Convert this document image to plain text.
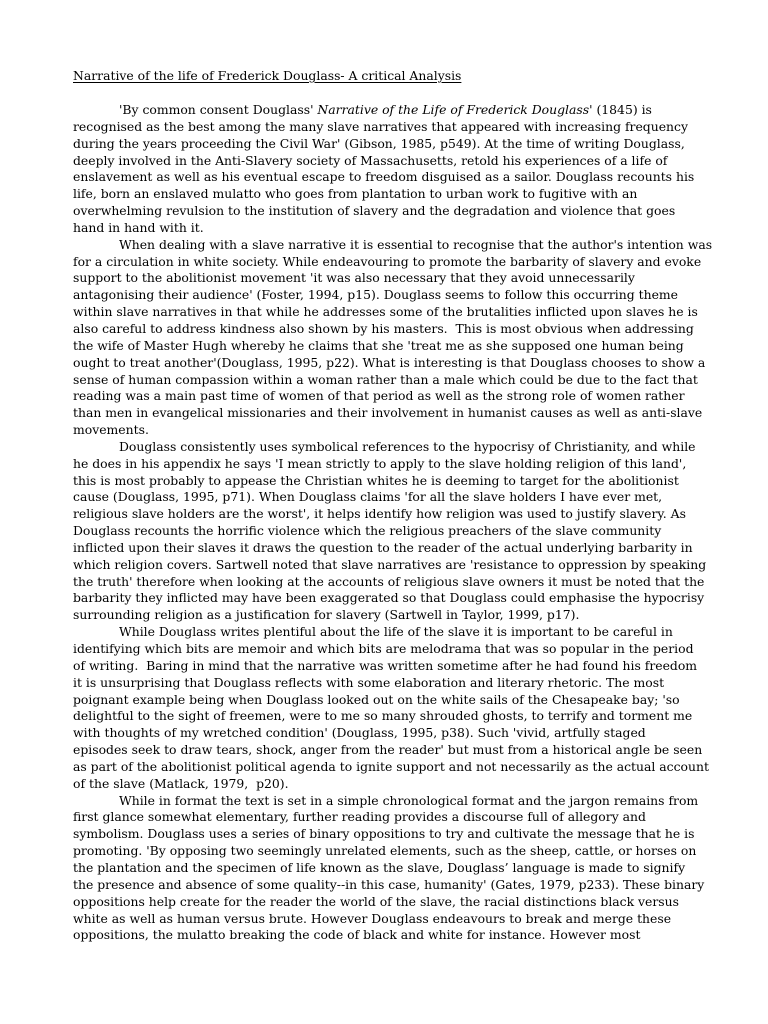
Narrative of the life of Frederick Douglass- A critical Analysis
'By common consent Douglass' Narrative of the Life of Frederick Douglass' (1845) is
recognised as the best among the many slave narratives that appeared with increasing frequency
during the years proceeding the Civil War' (Gibson, 1985, p549). At the time of writing Douglass,
deeply involved in the Anti-Slavery society of Massachusetts, retold his experiences of a life of
enslavement as well as his eventual escape to freedom disguised as a sailor. Douglass recounts his
life, born an enslaved mulatto who goes from plantation to urban work to fugitive with an
overwhelming revulsion to the institution of slavery and the degradation and violence that goes
hand in hand with it.
When dealing with a slave narrative it is essential to recognise that the author's intention was
for a circulation in white society. While endeavouring to promote the barbarity of slavery and evoke
support to the abolitionist movement 'it was also necessary that they avoid unnecessarily
antagonising their audience' (Foster, 1994, p15). Douglass seems to follow this occurring theme
within slave narratives in that while he addresses some of the brutalities inflicted upon slaves he is
also careful to address kindness also shown by his masters.  This is most obvious when addressing
the wife of Master Hugh whereby he claims that she 'treat me as she supposed one human being
ought to treat another'(Douglass, 1995, p22). What is interesting is that Douglass chooses to show a
sense of human compassion within a woman rather than a male which could be due to the fact that
reading was a main past time of women of that period as well as the strong role of women rather
than men in evangelical missionaries and their involvement in humanist causes as well as anti-slave
movements.
Douglass consistently uses symbolical references to the hypocrisy of Christianity, and while
he does in his appendix he says 'I mean strictly to apply to the slave holding religion of this land',
this is most probably to appease the Christian whites he is deeming to target for the abolitionist
cause (Douglass, 1995, p71). When Douglass claims 'for all the slave holders I have ever met,
religious slave holders are the worst', it helps identify how religion was used to justify slavery. As
Douglass recounts the horrific violence which the religious preachers of the slave community
inflicted upon their slaves it draws the question to the reader of the actual underlying barbarity in
which religion covers. Sartwell noted that slave narratives are 'resistance to oppression by speaking
the truth' therefore when looking at the accounts of religious slave owners it must be noted that the
barbarity they inflicted may have been exaggerated so that Douglass could emphasise the hypocrisy
surrounding religion as a justification for slavery (Sartwell in Taylor, 1999, p17).
While Douglass writes plentiful about the life of the slave it is important to be careful in
identifying which bits are memoir and which bits are melodrama that was so popular in the period
of writing.  Baring in mind that the narrative was written sometime after he had found his freedom
it is unsurprising that Douglass reflects with some elaboration and literary rhetoric. The most
poignant example being when Douglass looked out on the white sails of the Chesapeake bay; 'so
delightful to the sight of freemen, were to me so many shrouded ghosts, to terrify and torment me
with thoughts of my wretched condition' (Douglass, 1995, p38). Such 'vivid, artfully staged
episodes seek to draw tears, shock, anger from the reader' but must from a historical angle be seen
as part of the abolitionist political agenda to ignite support and not necessarily as the actual account
of the slave (Matlack, 1979,  p20).
While in format the text is set in a simple chronological format and the jargon remains from
first glance somewhat elementary, further reading provides a discourse full of allegory and
symbolism. Douglass uses a series of binary oppositions to try and cultivate the message that he is
promoting. 'By opposing two seemingly unrelated elements, such as the sheep, cattle, or horses on
the plantation and the specimen of life known as the slave, Douglass’ language is made to signify
the presence and absence of some quality--in this case, humanity' (Gates, 1979, p233). These binary
oppositions help create for the reader the world of the slave, the racial distinctions black versus
white as well as human versus brute. However Douglass endeavours to break and merge these
oppositions, the mulatto breaking the code of black and white for instance. However most
